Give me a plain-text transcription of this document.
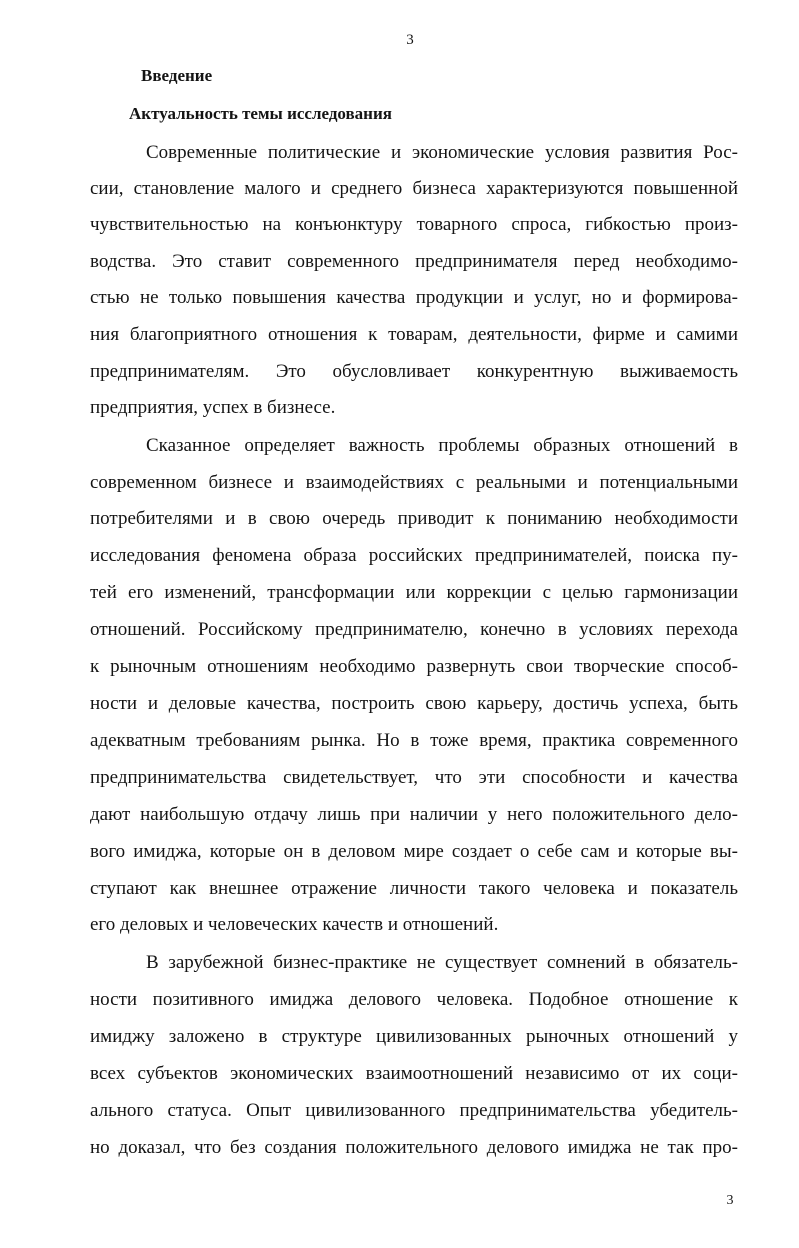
3
Введение
Актуальность темы исследования
Современные политические и экономические условия развития Рос-
сии, становление малого и среднего бизнеса характеризуются повышенной
чувствительностью на конъюнктуру товарного спроса, гибкостью произ-
водства. Это ставит современного предпринимателя перед необходимо-
стью не только повышения качества продукции и услуг, но и формирова-
ния благоприятного отношения к товарам, деятельности, фирме и самими
предпринимателям. Это обусловливает конкурентную выживаемость
предприятия, успех в бизнесе.
Сказанное определяет важность проблемы образных отношений в
современном бизнесе и взаимодействиях с реальными и потенциальными
потребителями и в свою очередь приводит к пониманию необходимости
исследования феномена образа российских предпринимателей, поиска пу-
тей его изменений, трансформации или коррекции с целью гармонизации
отношений. Российскому предпринимателю, конечно в условиях перехода
к рыночным отношениям необходимо развернуть свои творческие способ-
ности и деловые качества, построить свою карьеру, достичь успеха, быть
адекватным требованиям рынка. Но в тоже время, практика современного
предпринимательства свидетельствует, что эти способности и качества
дают наибольшую отдачу лишь при наличии у него положительного дело-
вого имиджа, которые он в деловом мире создает о себе сам и которые вы-
ступают как внешнее отражение личности такого человека и показатель
его деловых и человеческих качеств и отношений.
В зарубежной бизнес-практике не существует сомнений в обязатель-
ности позитивного имиджа делового человека. Подобное отношение к
имиджу заложено в структуре цивилизованных рыночных отношений у
всех субъектов экономических взаимоотношений независимо от их соци-
ального статуса. Опыт цивилизованного предпринимательства убедитель-
но доказал, что без создания положительного делового имиджа не так про-
3
